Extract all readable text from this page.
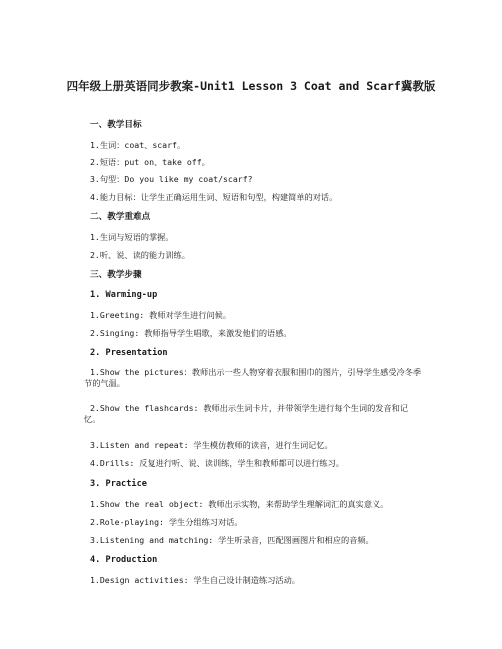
四年级上册英语同步教案-Unit1 Lesson 3 Coat and Scarf冀教版
一、教学目标
1.生词：coat、scarf。
2.短语：put on、take off。
3.句型：Do you like my coat/scarf?
4.能力目标：让学生正确运用生词、短语和句型，构建简单的对话。
二、教学重难点
1.生词与短语的掌握。
2.听、说、读的能力训练。
三、教学步骤
1. Warming-up
1.Greeting: 教师对学生进行问候。
2.Singing: 教师指导学生唱歌，来激发他们的语感。
2. Presentation
1.Show the pictures：教师出示一些人物穿着衣服和围巾的图片，引导学生感受冷冬季节的气温。
2.Show the flashcards: 教师出示生词卡片，并带领学生进行每个生词的发音和记忆。
3.Listen and repeat: 学生模仿教师的读音，进行生词记忆。
4.Drills: 反复进行听、说、读训练，学生和教师都可以进行练习。
3. Practice
1.Show the real object: 教师出示实物，来帮助学生理解词汇的真实意义。
2.Role-playing: 学生分组练习对话。
3.Listening and matching: 学生听录音，匹配图画图片和相应的音频。
4. Production
1.Design activities: 学生自己设计制造练习活动。
